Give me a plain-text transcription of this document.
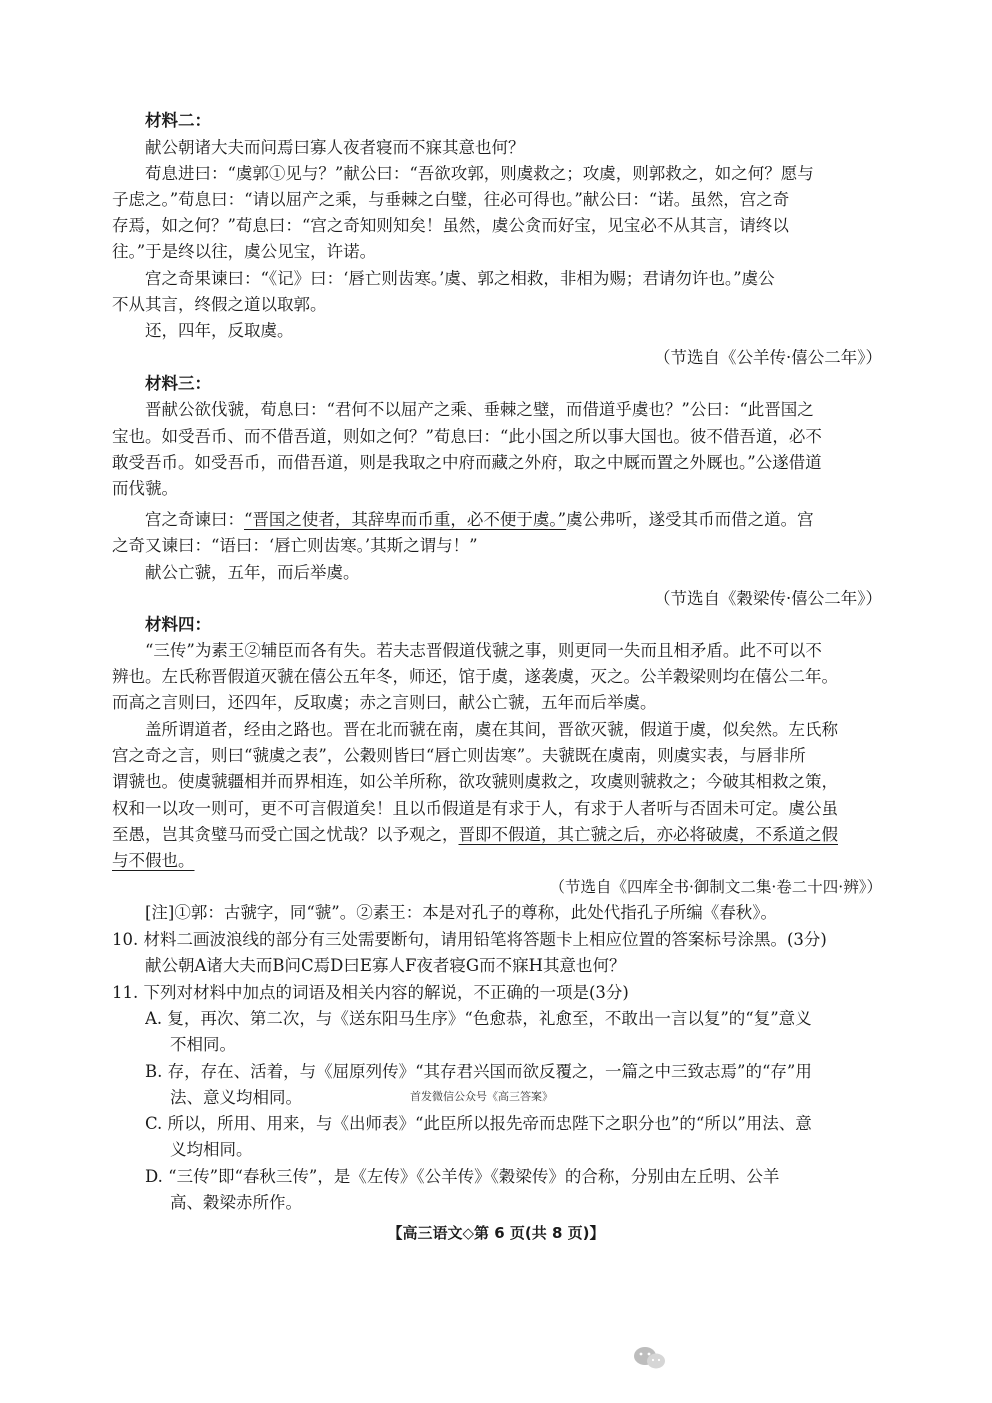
材料二：
献公朝诸大夫而问焉曰寡人夜者寝而不寐其意也何？
荀息进曰：“虞郭①见与？”献公曰：“吾欲攻郭，则虞救之；攻虞，则郭救之，如之何？愿与
子虑之。”荀息曰：“请以屈产之乘，与垂棘之白璧，往必可得也。”献公曰：“诺。虽然，宫之奇
存焉，如之何？”荀息曰：“宫之奇知则知矣！虽然，虞公贪而好宝，见宝必不从其言，请终以
往。”于是终以往，虞公见宝，许诺。
宫之奇果谏曰：“《记》曰：‘唇亡则齿寒。’虞、郭之相救，非相为赐；君请勿许也。”虞公
不从其言，终假之道以取郭。
还，四年，反取虞。
（节选自《公羊传·僖公二年》）
材料三：
晋献公欲伐虢，荀息曰：“君何不以屈产之乘、垂棘之璧，而借道乎虞也？”公曰：“此晋国之
宝也。如受吾币、而不借吾道，则如之何？”荀息曰：“此小国之所以事大国也。彼不借吾道，必不
敢受吾币。如受吾币，而借吾道，则是我取之中府而藏之外府，取之中厩而置之外厩也。”公遂借道
而伐虢。
宫之奇谏曰：“晋国之使者，其辞卑而币重，必不便于虞。”虞公弗听，遂受其币而借之道。宫
之奇又谏曰：“语曰：‘唇亡则齿寒。’其斯之谓与！”
献公亡虢，五年，而后举虞。
（节选自《穀梁传·僖公二年》）
材料四：
“三传”为素王②辅臣而各有失。若夫志晋假道伐虢之事，则更同一失而且相矛盾。此不可以不
辨也。左氏称晋假道灭虢在僖公五年冬，师还，馆于虞，遂袭虞，灭之。公羊穀梁则均在僖公二年。
而高之言则曰，还四年，反取虞；赤之言则曰，献公亡虢，五年而后举虞。
盖所谓道者，经由之路也。晋在北而虢在南，虞在其间，晋欲灭虢，假道于虞，似矣然。左氏称
宫之奇之言，则曰“虢虞之表”，公穀则皆曰“唇亡则齿寒”。夫虢既在虞南，则虞实表，与唇非所
谓虢也。使虞虢疆相并而界相连，如公羊所称，欲攻虢则虞救之，攻虞则虢救之；今破其相救之策，
权和一以攻一则可，更不可言假道矣！且以币假道是有求于人，有求于人者听与否固未可定。虞公虽
至愚，岂其贪璧马而受亡国之忧哉？以予观之，晋即不假道，其亡虢之后，亦必将破虞，不系道之假
与不假也。
（节选自《四库全书·御制文二集·卷二十四·辨》）
[注]①郭：古虢字，同“虢”。②素王：本是对孔子的尊称，此处代指孔子所编《春秋》。
10. 材料二画波浪线的部分有三处需要断句，请用铅笔将答题卡上相应位置的答案标号涂黑。(3分)
献公朝A诸大夫而B问C焉D曰E寡人F夜者寝G而不寐H其意也何？
11. 下列对材料中加点的词语及相关内容的解说，不正确的一项是(3分)
A. 复，再次、第二次，与《送东阳马生序》“色愈恭，礼愈至，不敢出一言以复”的“复”意义
不相同。
B. 存，存在、活着，与《屈原列传》“其存君兴国而欲反覆之，一篇之中三致志焉”的“存”用
法、意义均相同。	首发微信公众号《高三答案》
C. 所以，所用、用来，与《出师表》“此臣所以报先帝而忠陛下之职分也”的“所以”用法、意
义均相同。
D. “三传”即“春秋三传”，是《左传》《公羊传》《穀梁传》的合称，分别由左丘明、公羊
高、穀梁赤所作。
【高三语文◇第 6 页(共 8 页)】
